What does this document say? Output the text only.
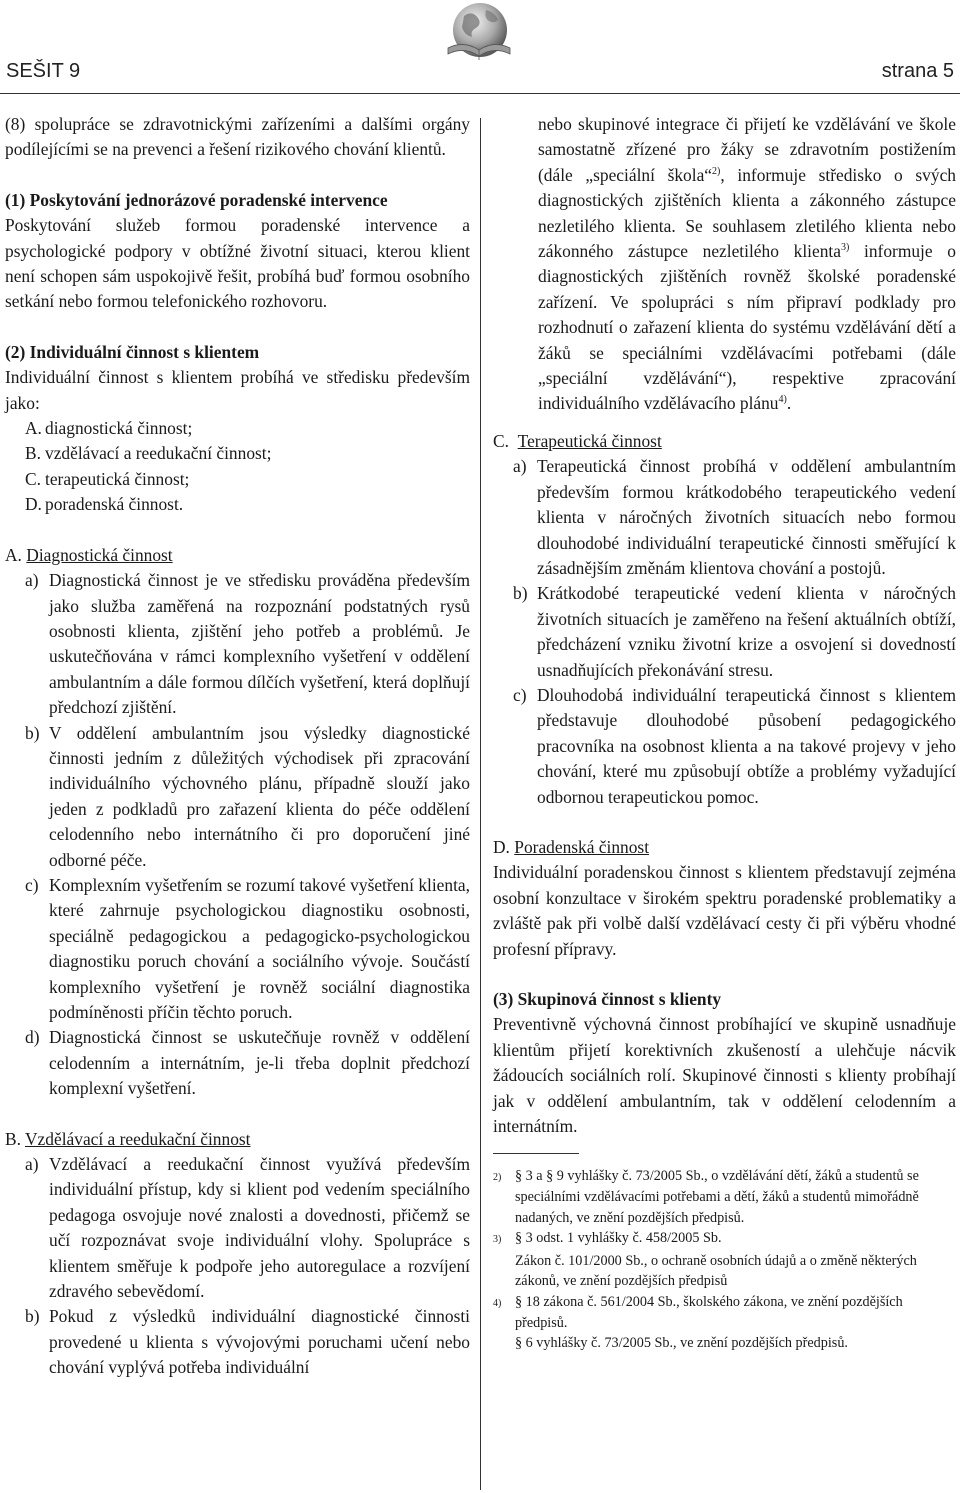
SEŠIT 9	strana 5

(8) spolupráce se zdravotnickými zařízeními a dalšími orgány podílejícími se na prevenci a řešení rizikového chování klientů.

(1) Poskytování jednorázové poradenské intervence

Poskytování služeb formou poradenské intervence a psychologické podpory v obtížné životní situaci, kterou klient není schopen sám uspokojivě řešit, probíhá buď formou osobního setkání nebo formou telefonického rozhovoru.

(2) Individuální činnost s klientem

Individuální činnost s klientem probíhá ve středisku především jako:

A. diagnostická činnost;
B. vzdělávací a reedukační činnost;
C. terapeutická činnost;
D. poradenská činnost.

A. Diagnostická činnost

a) Diagnostická činnost je ve středisku prováděna především jako služba zaměřená na rozpoznání podstatných rysů osobnosti klienta, zjištění jeho potřeb a problémů. Je uskutečňována v rámci komplexního vyšetření v oddělení ambulantním a dále formou dílčích vyšetření, která doplňují předchozí zjištění.
b) V oddělení ambulantním jsou výsledky diagnostické činnosti jedním z důležitých východisek při zpracování individuálního výchovného plánu, případně slouží jako jeden z podkladů pro zařazení klienta do péče oddělení celodenního nebo internátního či pro doporučení jiné odborné péče.
c) Komplexním vyšetřením se rozumí takové vyšetření klienta, které zahrnuje psychologickou diagnostiku osobnosti, speciálně pedagogickou a pedagogicko-psychologickou diagnostiku poruch chování a sociálního vývoje. Součástí komplexního vyšetření je rovněž sociální diagnostika podmíněnosti příčin těchto poruch.
d) Diagnostická činnost se uskutečňuje rovněž v oddělení celodenním a internátním, je-li třeba doplnit předchozí komplexní vyšetření.

B. Vzdělávací a reedukační činnost

a) Vzdělávací a reedukační činnost využívá především individuální přístup, kdy si klient pod vedením speciálního pedagoga osvojuje nové znalosti a dovednosti, přičemž se učí rozpoznávat svoje individuální vlohy. Spolupráce s klientem směřuje k podpoře jeho autoregulace a rozvíjení zdravého sebevědomí.
b) Pokud z výsledků individuální diagnostické činnosti provedené u klienta s vývojovými poruchami učení nebo chování vyplývá potřeba individuální

nebo skupinové integrace či přijetí ke vzdělávání ve škole samostatně zřízené pro žáky se zdravotním postižením (dále „speciální škola“$^{2)}$, informuje středisko o svých diagnostických zjištěních klienta a zákonného zástupce nezletilého klienta. Se souhlasem zletilého klienta nebo zákonného zástupce nezletilého klienta$^{3)}$ informuje o diagnostických zjištěních rovněž školské poradenské zařízení. Ve spolupráci s ním připraví podklady pro rozhodnutí o zařazení klienta do systému vzdělávání dětí a žáků se speciálními vzdělávacími potřebami (dále „speciální vzdělávání“), respektive zpracování individuálního vzdělávacího plánu$^{4)}$.

C. Terapeutická činnost

a) Terapeutická činnost probíhá v oddělení ambulantním především formou krátkodobého terapeutického vedení klienta v náročných životních situacích nebo formou dlouhodobé individuální terapeutické činnosti směřující k zásadnějším změnám klientova chování a postojů.
b) Krátkodobé terapeutické vedení klienta v náročných životních situacích je zaměřeno na řešení aktuálních obtíží, předcházení vzniku životní krize a osvojení si dovedností usnadňujících překonávání stresu.
c) Dlouhodobá individuální terapeutická činnost s klientem představuje dlouhodobé působení pedagogického pracovníka na osobnost klienta a na takové projevy v jeho chování, které mu způsobují obtíže a problémy vyžadující odbornou terapeutickou pomoc.

D. Poradenská činnost

Individuální poradenskou činnost s klientem představují zejména osobní konzultace v širokém spektru poradenské problematiky a zvláště pak při volbě další vzdělávací cesty či při výběru vhodné profesní přípravy.

(3) Skupinová činnost s klienty

Preventivně výchovná činnost probíhající ve skupině usnadňuje klientům přijetí korektivních zkušeností a ulehčuje nácvik žádoucích sociálních rolí. Skupinové činnosti s klienty probíhají jak v oddělení ambulantním, tak v oddělení celodenním a internátním.

2) § 3 a § 9 vyhlášky č. 73/2005 Sb., o vzdělávání dětí, žáků a studentů se speciálními vzdělávacími potřebami a dětí, žáků a studentů mimořádně nadaných, ve znění pozdějších předpisů.
3) § 3 odst. 1 vyhlášky č. 458/2005 Sb.
Zákon č. 101/2000 Sb., o ochraně osobních údajů a o změně některých zákonů, ve znění pozdějších předpisů
4) § 18 zákona č. 561/2004 Sb., školského zákona, ve znění pozdějších předpisů.
§ 6 vyhlášky č. 73/2005 Sb., ve znění pozdějších předpisů.
